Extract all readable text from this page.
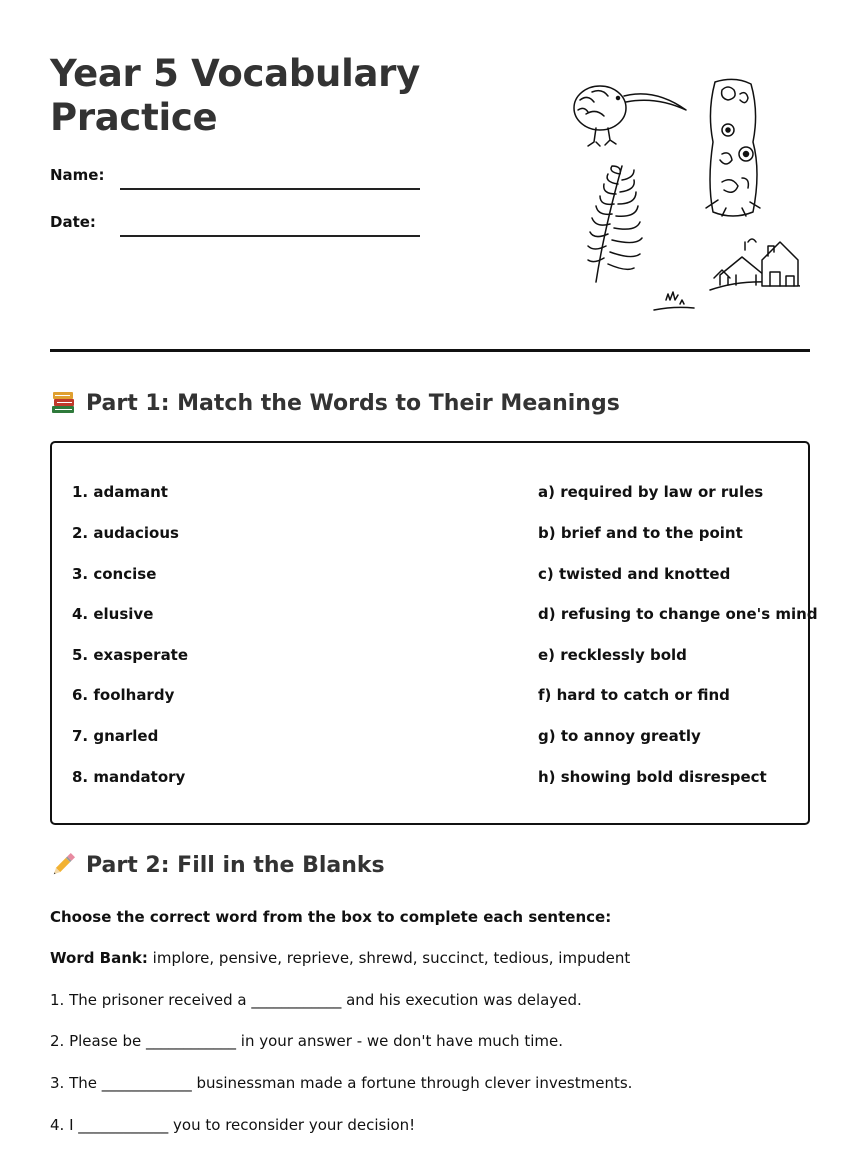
Year 5 Vocabulary
Practice
Name:
Date:
Part 1: Match the Words to Their Meanings
1. adamant
2. audacious
3. concise
4. elusive
5. exasperate
6. foolhardy
7. gnarled
8. mandatory
a) required by law or rules
b) brief and to the point
c) twisted and knotted
d) refusing to change one's mind
e) recklessly bold
f) hard to catch or find
g) to annoy greatly
h) showing bold disrespect
Part 2: Fill in the Blanks
Choose the correct word from the box to complete each sentence:
Word Bank: implore, pensive, reprieve, shrewd, succinct, tedious, impudent
1. The prisoner received a ____________ and his execution was delayed.
2. Please be ____________ in your answer - we don't have much time.
3. The ____________ businessman made a fortune through clever investments.
4. I ____________ you to reconsider your decision!
